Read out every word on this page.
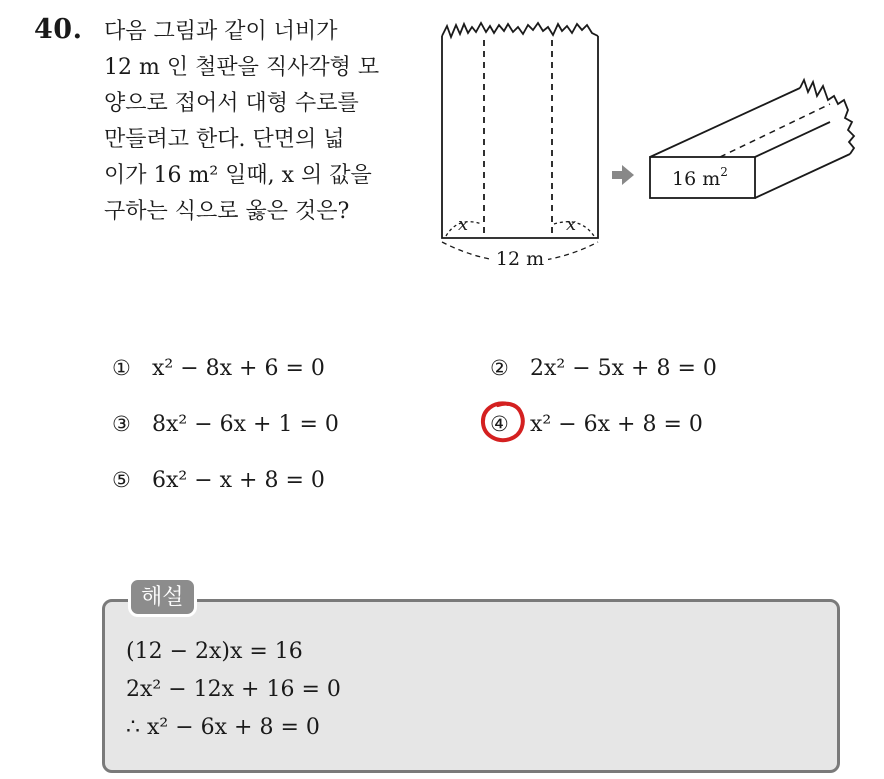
40. 다음 그림과 같이 너비가
12 m 인 철판을 직사각형 모
양으로 접어서 대형 수로를
만들려고 한다. 단면의 넓
이가 16 m² 일때, x 의 값을
구하는 식으로 옳은 것은?
x	x
12 m
16 $m^2$
① x² − 8x + 6 = 0	② 2x² − 5x + 8 = 0
③ 8x² − 6x + 1 = 0	④ x² − 6x + 8 = 0
⑤ 6x² − x + 8 = 0
해설
(12 − 2x)x = 16
2x² − 12x + 16 = 0
∴ x² − 6x + 8 = 0
